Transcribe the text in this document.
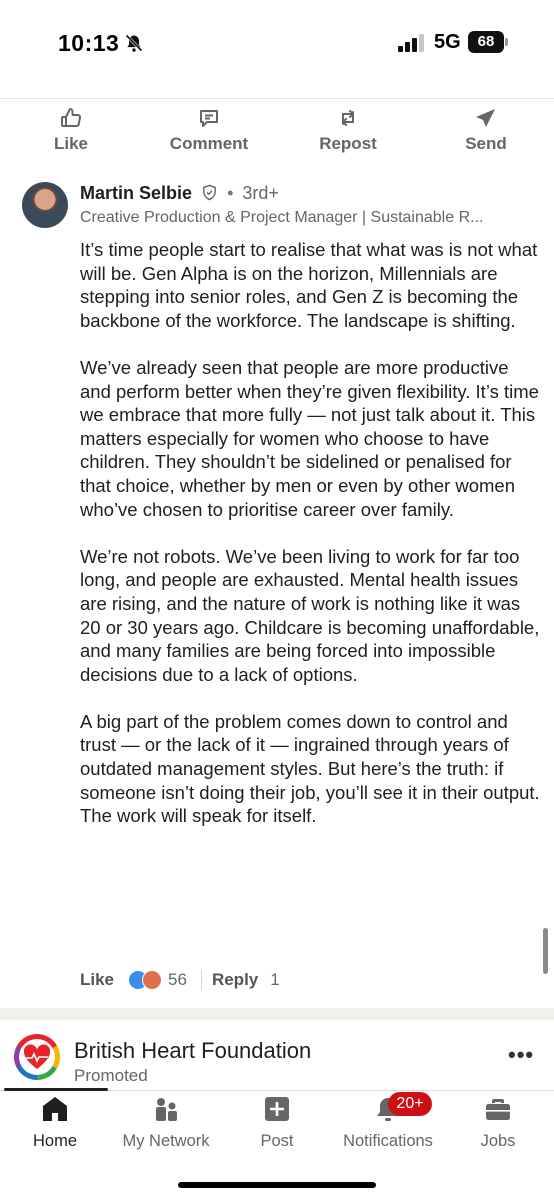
10:13	5G	68
Like	Comment	Repost	Send
Martin Selbie • 3rd+
Creative Production & Project Manager | Sustainable R...

It’s time people start to realise that what was is not what will be. Gen Alpha is on the horizon, Millennials are stepping into senior roles, and Gen Z is becoming the backbone of the workforce. The landscape is shifting.

We’ve already seen that people are more productive and perform better when they’re given flexibility. It’s time we embrace that more fully — not just talk about it. This matters especially for women who choose to have children. They shouldn’t be sidelined or penalised for that choice, whether by men or even by other women who’ve chosen to prioritise career over family.

We’re not robots. We’ve been living to work for far too long, and people are exhausted. Mental health issues are rising, and the nature of work is nothing like it was 20 or 30 years ago. Childcare is becoming unaffordable, and many families are being forced into impossible decisions due to a lack of options.

A big part of the problem comes down to control and trust — or the lack of it — ingrained through years of outdated management styles. But here’s the truth: if someone isn’t doing their job, you’ll see it in their output. The work will speak for itself.

Like	56 Reply 1
British Heart Foundation
Promoted
•••
Home	My Network	Post
20+
Notifications	Jobs
